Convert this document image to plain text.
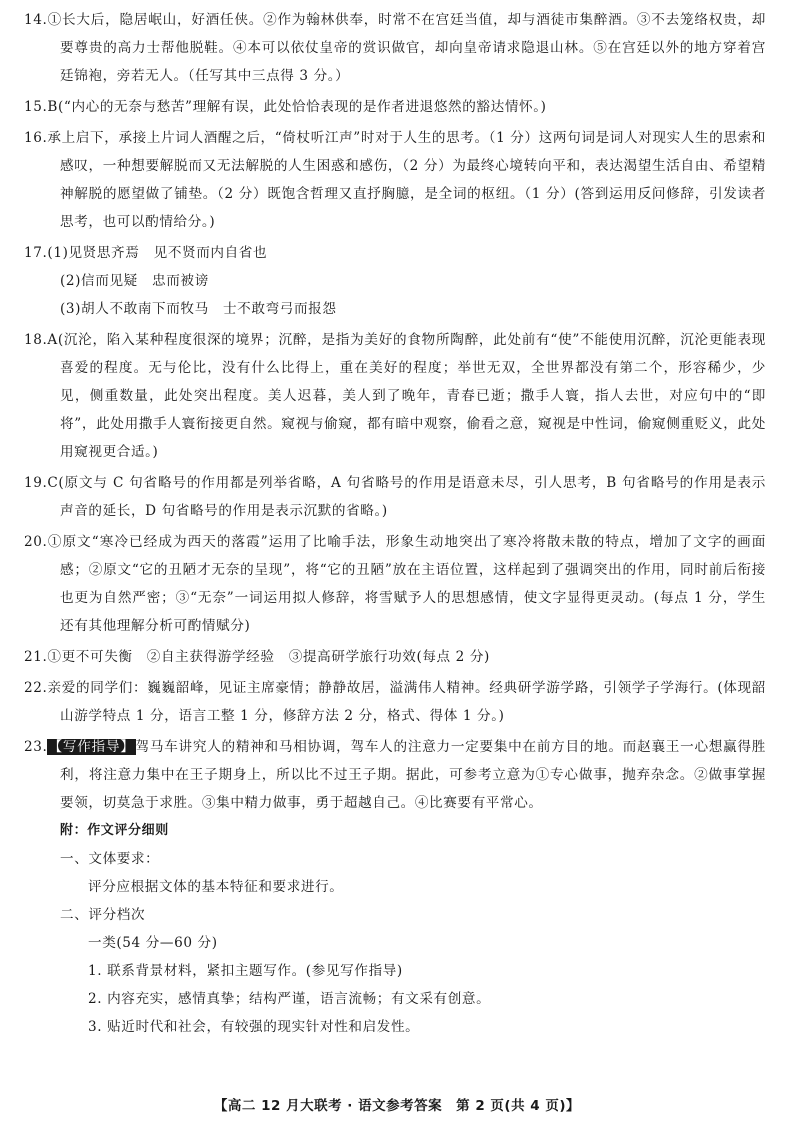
14.①长大后，隐居岷山，好酒任侠。②作为翰林供奉，时常不在宫廷当值，却与酒徒市集醉酒。③不去笼络权贵，却要尊贵的高力士帮他脱鞋。④本可以依仗皇帝的赏识做官，却向皇帝请求隐退山林。⑤在宫廷以外的地方穿着宫廷锦袍，旁若无人。（任写其中三点得 3 分。）
15.B(“内心的无奈与愁苦”理解有误，此处恰恰表现的是作者进退悠然的豁达情怀。)
16.承上启下，承接上片词人酒醒之后，“倚杖听江声”时对于人生的思考。（1 分）这两句词是词人对现实人生的思索和感叹，一种想要解脱而又无法解脱的人生困惑和感伤，（2 分）为最终心境转向平和，表达渴望生活自由、希望精神解脱的愿望做了铺垫。（2 分）既饱含哲理又直抒胸臆，是全词的枢纽。（1 分）(答到运用反问修辞，引发读者思考，也可以酌情给分。)
17.(1)见贤思齐焉　见不贤而内自省也
(2)信而见疑　忠而被谤
(3)胡人不敢南下而牧马　士不敢弯弓而报怨
18.A(沉沦，陷入某种程度很深的境界；沉醉，是指为美好的食物所陶醉，此处前有“使”不能使用沉醉，沉沦更能表现喜爱的程度。无与伦比，没有什么比得上，重在美好的程度；举世无双，全世界都没有第二个，形容稀少，少见，侧重数量，此处突出程度。美人迟暮，美人到了晚年，青春已逝；撒手人寰，指人去世，对应句中的“即将”，此处用撒手人寰衔接更自然。窥视与偷窥，都有暗中观察，偷看之意，窥视是中性词，偷窥侧重贬义，此处用窥视更合适。)
19.C(原文与 C 句省略号的作用都是列举省略，A 句省略号的作用是语意未尽，引人思考，B 句省略号的作用是表示声音的延长，D 句省略号的作用是表示沉默的省略。)
20.①原文“寒冷已经成为西天的落霞”运用了比喻手法，形象生动地突出了寒冷将散未散的特点，增加了文字的画面感；②原文“它的丑陋才无奈的呈现”，将“它的丑陋”放在主语位置，这样起到了强调突出的作用，同时前后衔接也更为自然严密；③“无奈”一词运用拟人修辞，将雪赋予人的思想感情，使文字显得更灵动。(每点 1 分，学生还有其他理解分析可酌情赋分)
21.①更不可失衡　②自主获得游学经验　③提高研学旅行功效(每点 2 分)
22.亲爱的同学们：巍巍韶峰，见证主席豪情；静静故居，溢满伟人精神。经典研学游学路，引领学子学海行。(体现韶山游学特点 1 分，语言工整 1 分，修辞方法 2 分，格式、得体 1 分。)
23.【写作指导】驾马车讲究人的精神和马相协调，驾车人的注意力一定要集中在前方目的地。而赵襄王一心想赢得胜利，将注意力集中在王子期身上，所以比不过王子期。据此，可参考立意为①专心做事，抛弃杂念。②做事掌握要领，切莫急于求胜。③集中精力做事，勇于超越自己。④比赛要有平常心。
附：作文评分细则
一、文体要求：
评分应根据文体的基本特征和要求进行。
二、评分档次
一类(54 分—60 分)
1. 联系背景材料，紧扣主题写作。(参见写作指导)
2. 内容充实，感情真挚；结构严谨，语言流畅；有文采有创意。
3. 贴近时代和社会，有较强的现实针对性和启发性。
【高二 12 月大联考 · 语文参考答案　第 2 页(共 4 页)】
